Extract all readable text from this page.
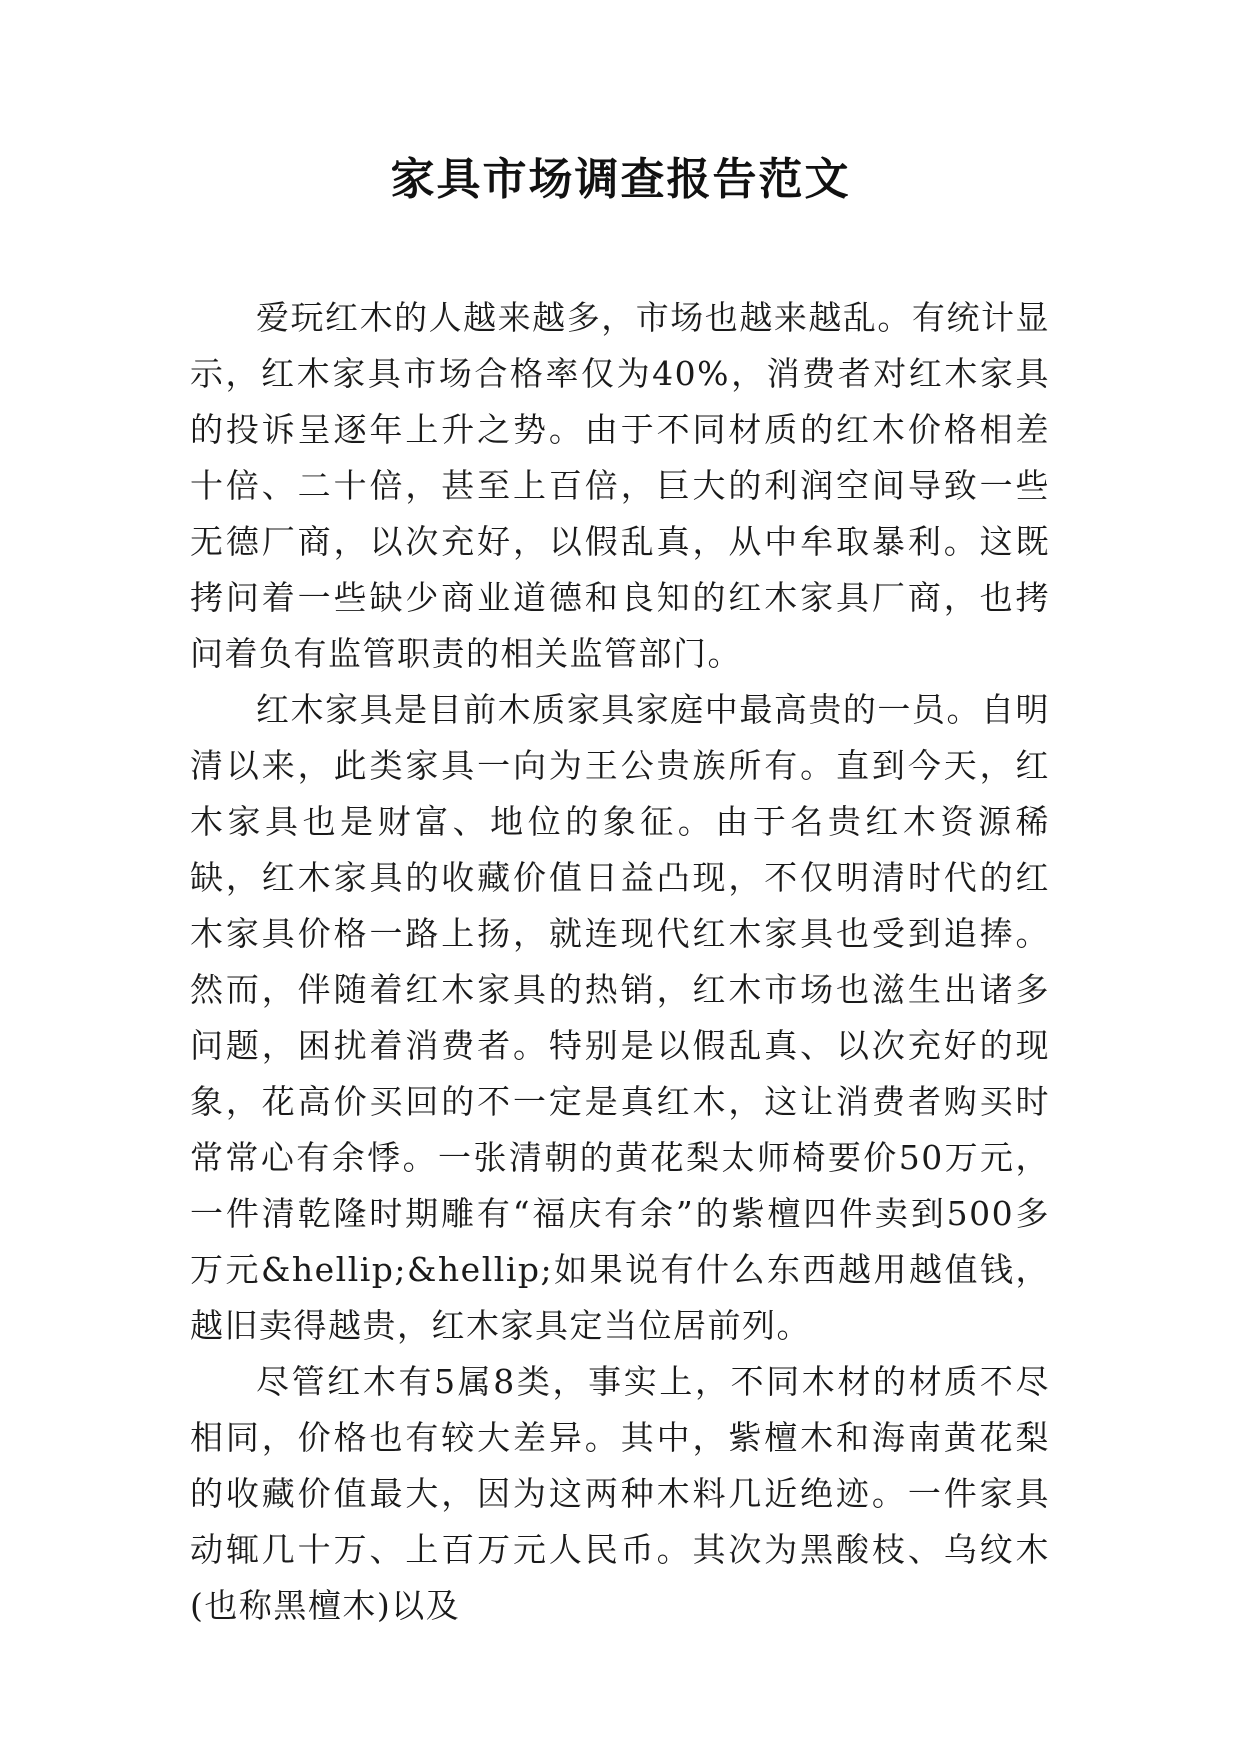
家具市场调查报告范文

爱玩红木的人越来越多，市场也越来越乱。有统计显示，红木家具市场合格率仅为40%，消费者对红木家具的投诉呈逐年上升之势。由于不同材质的红木价格相差十倍、二十倍，甚至上百倍，巨大的利润空间导致一些无德厂商，以次充好，以假乱真，从中牟取暴利。这既拷问着一些缺少商业道德和良知的红木家具厂商，也拷问着负有监管职责的相关监管部门。

红木家具是目前木质家具家庭中最高贵的一员。自明清以来，此类家具一向为王公贵族所有。直到今天，红木家具也是财富、地位的象征。由于名贵红木资源稀缺，红木家具的收藏价值日益凸现，不仅明清时代的红木家具价格一路上扬，就连现代红木家具也受到追捧。然而，伴随着红木家具的热销，红木市场也滋生出诸多问题，困扰着消费者。特别是以假乱真、以次充好的现象，花高价买回的不一定是真红木，这让消费者购买时常常心有余悸。一张清朝的黄花梨太师椅要价50万元，一件清乾隆时期雕有“福庆有余”的紫檀四件卖到500多万元&hellip;&hellip;如果说有什么东西越用越值钱，越旧卖得越贵，红木家具定当位居前列。

尽管红木有5属8类，事实上，不同木材的材质不尽相同，价格也有较大差异。其中，紫檀木和海南黄花梨的收藏价值最大，因为这两种木料几近绝迹。一件家具动辄几十万、上百万元人民币。其次为黑酸枝、乌纹木(也称黑檀木)以及
